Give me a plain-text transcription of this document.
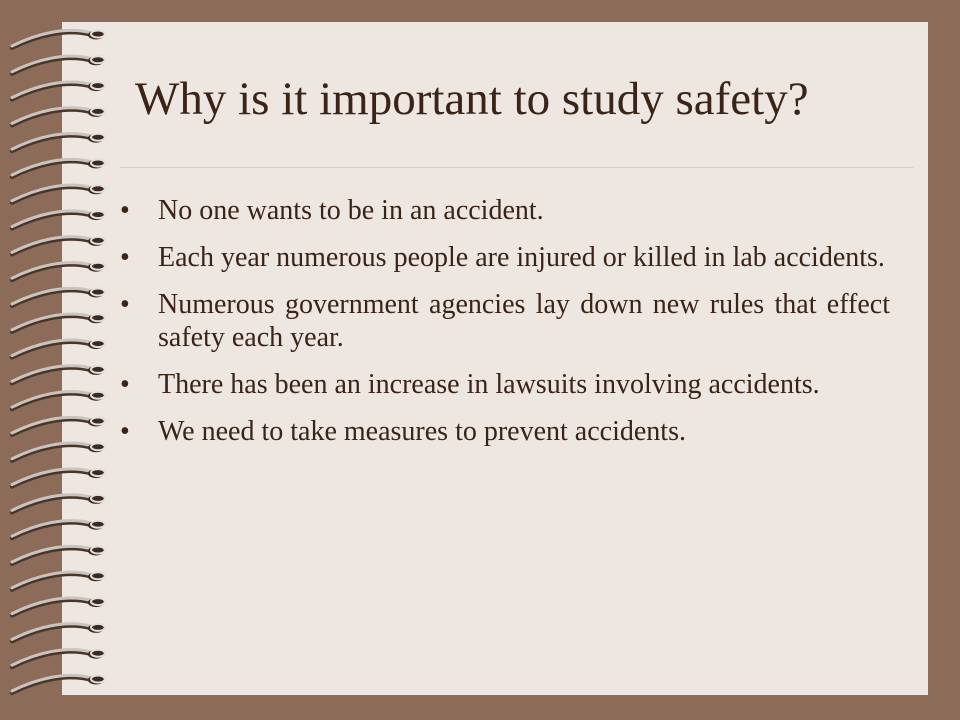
Why is it important to study safety?
• No one wants to be in an accident.
• Each year numerous people are injured or killed in lab accidents.
• Numerous government agencies lay down new rules that effect safety each year.
• There has been an increase in lawsuits involving accidents.
• We need to take measures to prevent accidents.
